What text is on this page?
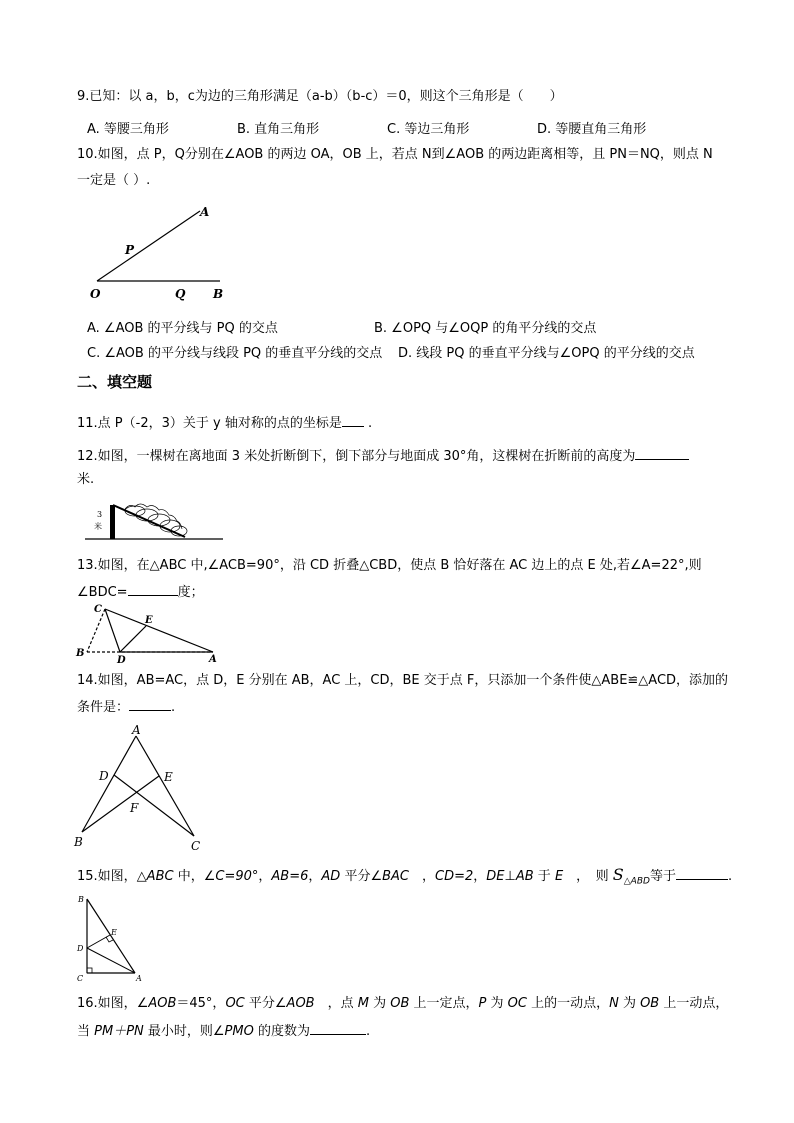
9.已知：以 a，b，c为边的三角形满足（a-b）（b-c）＝0，则这个三角形是（　　）
A. 等腰三角形	B. 直角三角形	C. 等边三角形	D. 等腰直角三角形
10.如图，点 P，Q分别在∠AOB 的两边 OA，OB 上，若点 N到∠AOB 的两边距离相等，且 PN＝NQ，则点 N
一定是（ ）.
A
P
O	Q B
A. ∠AOB 的平分线与 PQ 的交点	B. ∠OPQ 与∠OQP 的角平分线的交点
C. ∠AOB 的平分线与线段 PQ 的垂直平分线的交点 D. 线段 PQ 的垂直平分线与∠OPQ 的平分线的交点
二、填空题
11.点 P（-2，3）关于 y 轴对称的点的坐标是 .
12.如图，一棵树在离地面 3 米处折断倒下，倒下部分与地面成 30°角，这棵树在折断前的高度为
米.
3
米
13.如图，在△ABC 中,∠ACB=90°，沿 CD 折叠△CBD，使点 B 恰好落在 AC 边上的点 E 处,若∠A=22°,则
∠BDC=	度；
C
E
B
D	A
14.如图，AB=AC，点 D，E 分别在 AB，AC 上，CD，BE 交于点 F，只添加一个条件使△ABE≌△ACD，添加的
条件是：	.
A
D	E
F
B	C
15.如图，△ABC 中，∠C=90°，AB=6，AD 平分∠BAC　，CD=2，DE⊥AB 于 E　，　则 $S_{\triangle ABD}$等于	.
B
E
D
C	A
16.如图，∠AOB＝45°，OC 平分∠AOB　，点 M 为 OB 上一定点，P 为 OC 上的一动点，N 为 OB 上一动点，
当 PM＋PN 最小时，则∠PMO 的度数为	.
